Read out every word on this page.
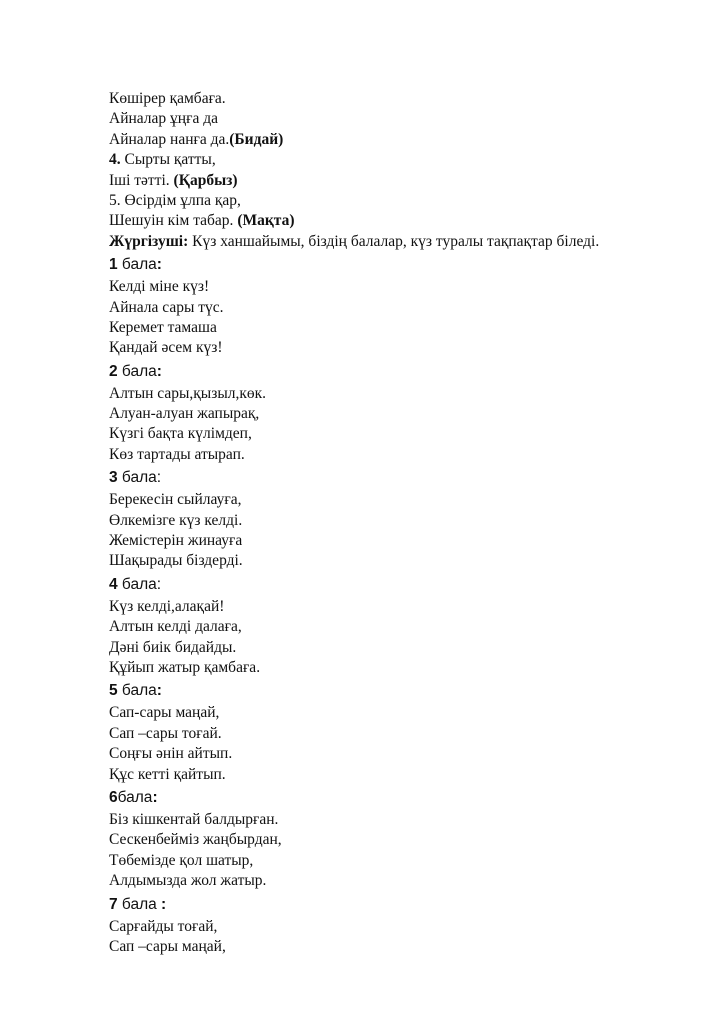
Көшірер қамбаға.
Айналар ұңға да
Айналар нанға да.(Бидай)
4. Сырты қатты,
Іші тәтті. (Қарбыз)
5. Өсірдім ұлпа қар,
Шешуін кім табар. (Мақта)
Жүргізуші: Күз ханшайымы, біздің балалар, күз туралы тақпақтар біледі.
1 бала:
Келді міне күз!
Айнала сары түс.
Керемет тамаша
Қандай әсем күз!
2 бала:
Алтын сары,қызыл,көк.
Алуан-алуан жапырақ,
Күзгі бақта күлімдеп,
Көз тартады атырап.
3 бала:
Берекесін сыйлауға,
Өлкемізге күз келді.
Жемістерін жинауға
Шақырады біздерді.
4 бала:
Күз келді,алақай!
Алтын келді далаға,
Дәні биік бидайды.
Құйып жатыр қамбаға.
5 бала:
Сап-сары маңай,
Сап –сары тоғай.
Соңғы әнін айтып.
Құс кетті қайтып.
6бала:
Біз кішкентай балдырған.
Сескенбейміз жаңбырдан,
Төбемізде қол шатыр,
Алдымызда жол жатыр.
7 бала :
Сарғайды тоғай,
Сап –сары маңай,
